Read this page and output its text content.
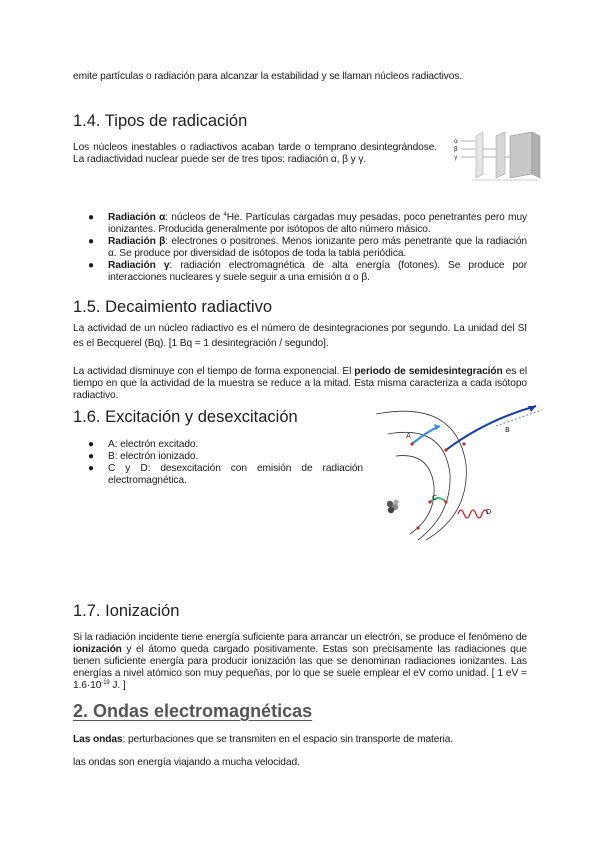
emite partículas o radiación para alcanzar la estabilidad y se llaman núcleos radiactivos.

1.4. Tipos de radicación

Los núcleos inestables o radiactivos acaban tarde o temprano desintegrándose. La radiactividad nuclear puede ser de tres tipos: radiación α, β y γ.

α
β
γ
● Radiación α: núcleos de $^4$He. Partículas cargadas muy pesadas, poco penetrantes pero muy ionizantes. Producida generalmente por isótopos de alto número másico.
● Radiación β: electrones o positrones. Menos ionizante pero más penetrante que la radiación α. Se produce por diversidad de isótopos de toda la tabla periódica.
● Radiación γ: radiación electromagnética de alta energía (fotones). Se produce por interacciones nucleares y suele seguir a una emisión α o β.
1.5. Decaimiento radiactivo

La actividad de un núcleo radiactivo es el número de desintegraciones por segundo. La unidad del SI es el Becquerel (Bq). [1 Bq = 1 desintegración / segundo].

La actividad disminuye con el tiempo de forma exponencial. El periodo de semidesintegración es el tiempo en que la actividad de la muestra se reduce a la mitad. Esta misma caracteriza a cada isótopo radiactivo.

1.6. Excitación y desexcitación
● A: electrón excitado.
● B: electrón ionizado.
● C y D: desexcitación con emisión de radiación electromagnética.
A
B
C
D
1.7. Ionización

Si la radiación incidente tiene energía suficiente para arrancar un electrón, se produce el fenómeno de ionización y el átomo queda cargado positivamente. Estas son precisamente las radiaciones que tienen suficiente energía para producir ionización las que se denominan radiaciones ionizantes. Las energías a nivel atómico son muy pequeñas, por lo que se suele emplear el eV como unidad. [ 1 eV = $1.6\cdot 10^{-19}$ J. ]

2. Ondas electromagnéticas

Las ondas: perturbaciones que se transmiten en el espacio sin transporte de materia.

las ondas son energía viajando a mucha velocidad.
